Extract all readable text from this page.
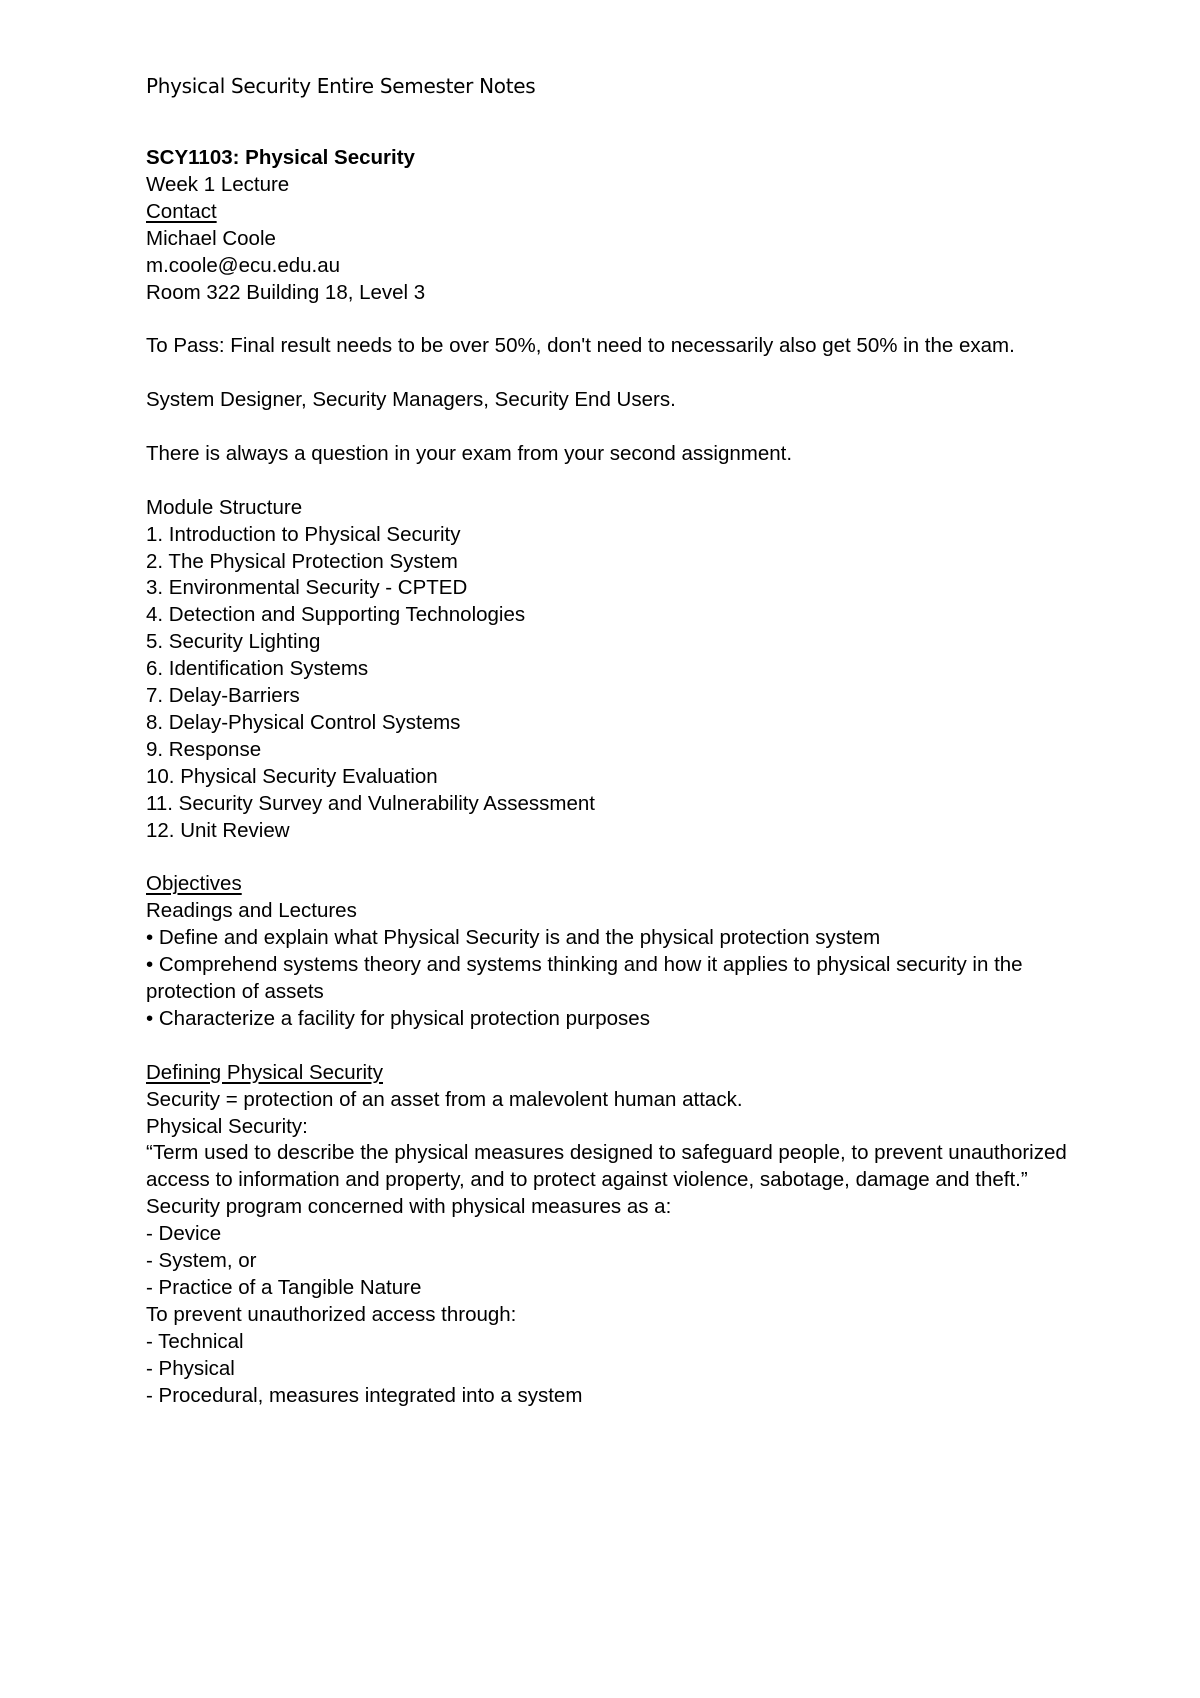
Physical Security Entire Semester Notes
SCY1103: Physical Security
Week 1 Lecture
Contact
Michael Coole
m.coole@ecu.edu.au
Room 322 Building 18, Level 3
To Pass: Final result needs to be over 50%, don't need to necessarily also get 50% in the exam.
System Designer, Security Managers, Security End Users.
There is always a question in your exam from your second assignment.
Module Structure
1. Introduction to Physical Security
2. The Physical Protection System
3. Environmental Security - CPTED
4. Detection and Supporting Technologies
5. Security Lighting
6. Identification Systems
7. Delay-Barriers
8. Delay-Physical Control Systems
9. Response
10. Physical Security Evaluation
11. Security Survey and Vulnerability Assessment
12. Unit Review
Objectives
Readings and Lectures
• Define and explain what Physical Security is and the physical protection system
• Comprehend systems theory and systems thinking and how it applies to physical security in the protection of assets
• Characterize a facility for physical protection purposes
Defining Physical Security
Security = protection of an asset from a malevolent human attack.
Physical Security:
“Term used to describe the physical measures designed to safeguard people, to prevent unauthorized access to information and property, and to protect against violence, sabotage, damage and theft.”
Security program concerned with physical measures as a:
- Device
- System, or
- Practice of a Tangible Nature
To prevent unauthorized access through:
- Technical
- Physical
- Procedural, measures integrated into a system
